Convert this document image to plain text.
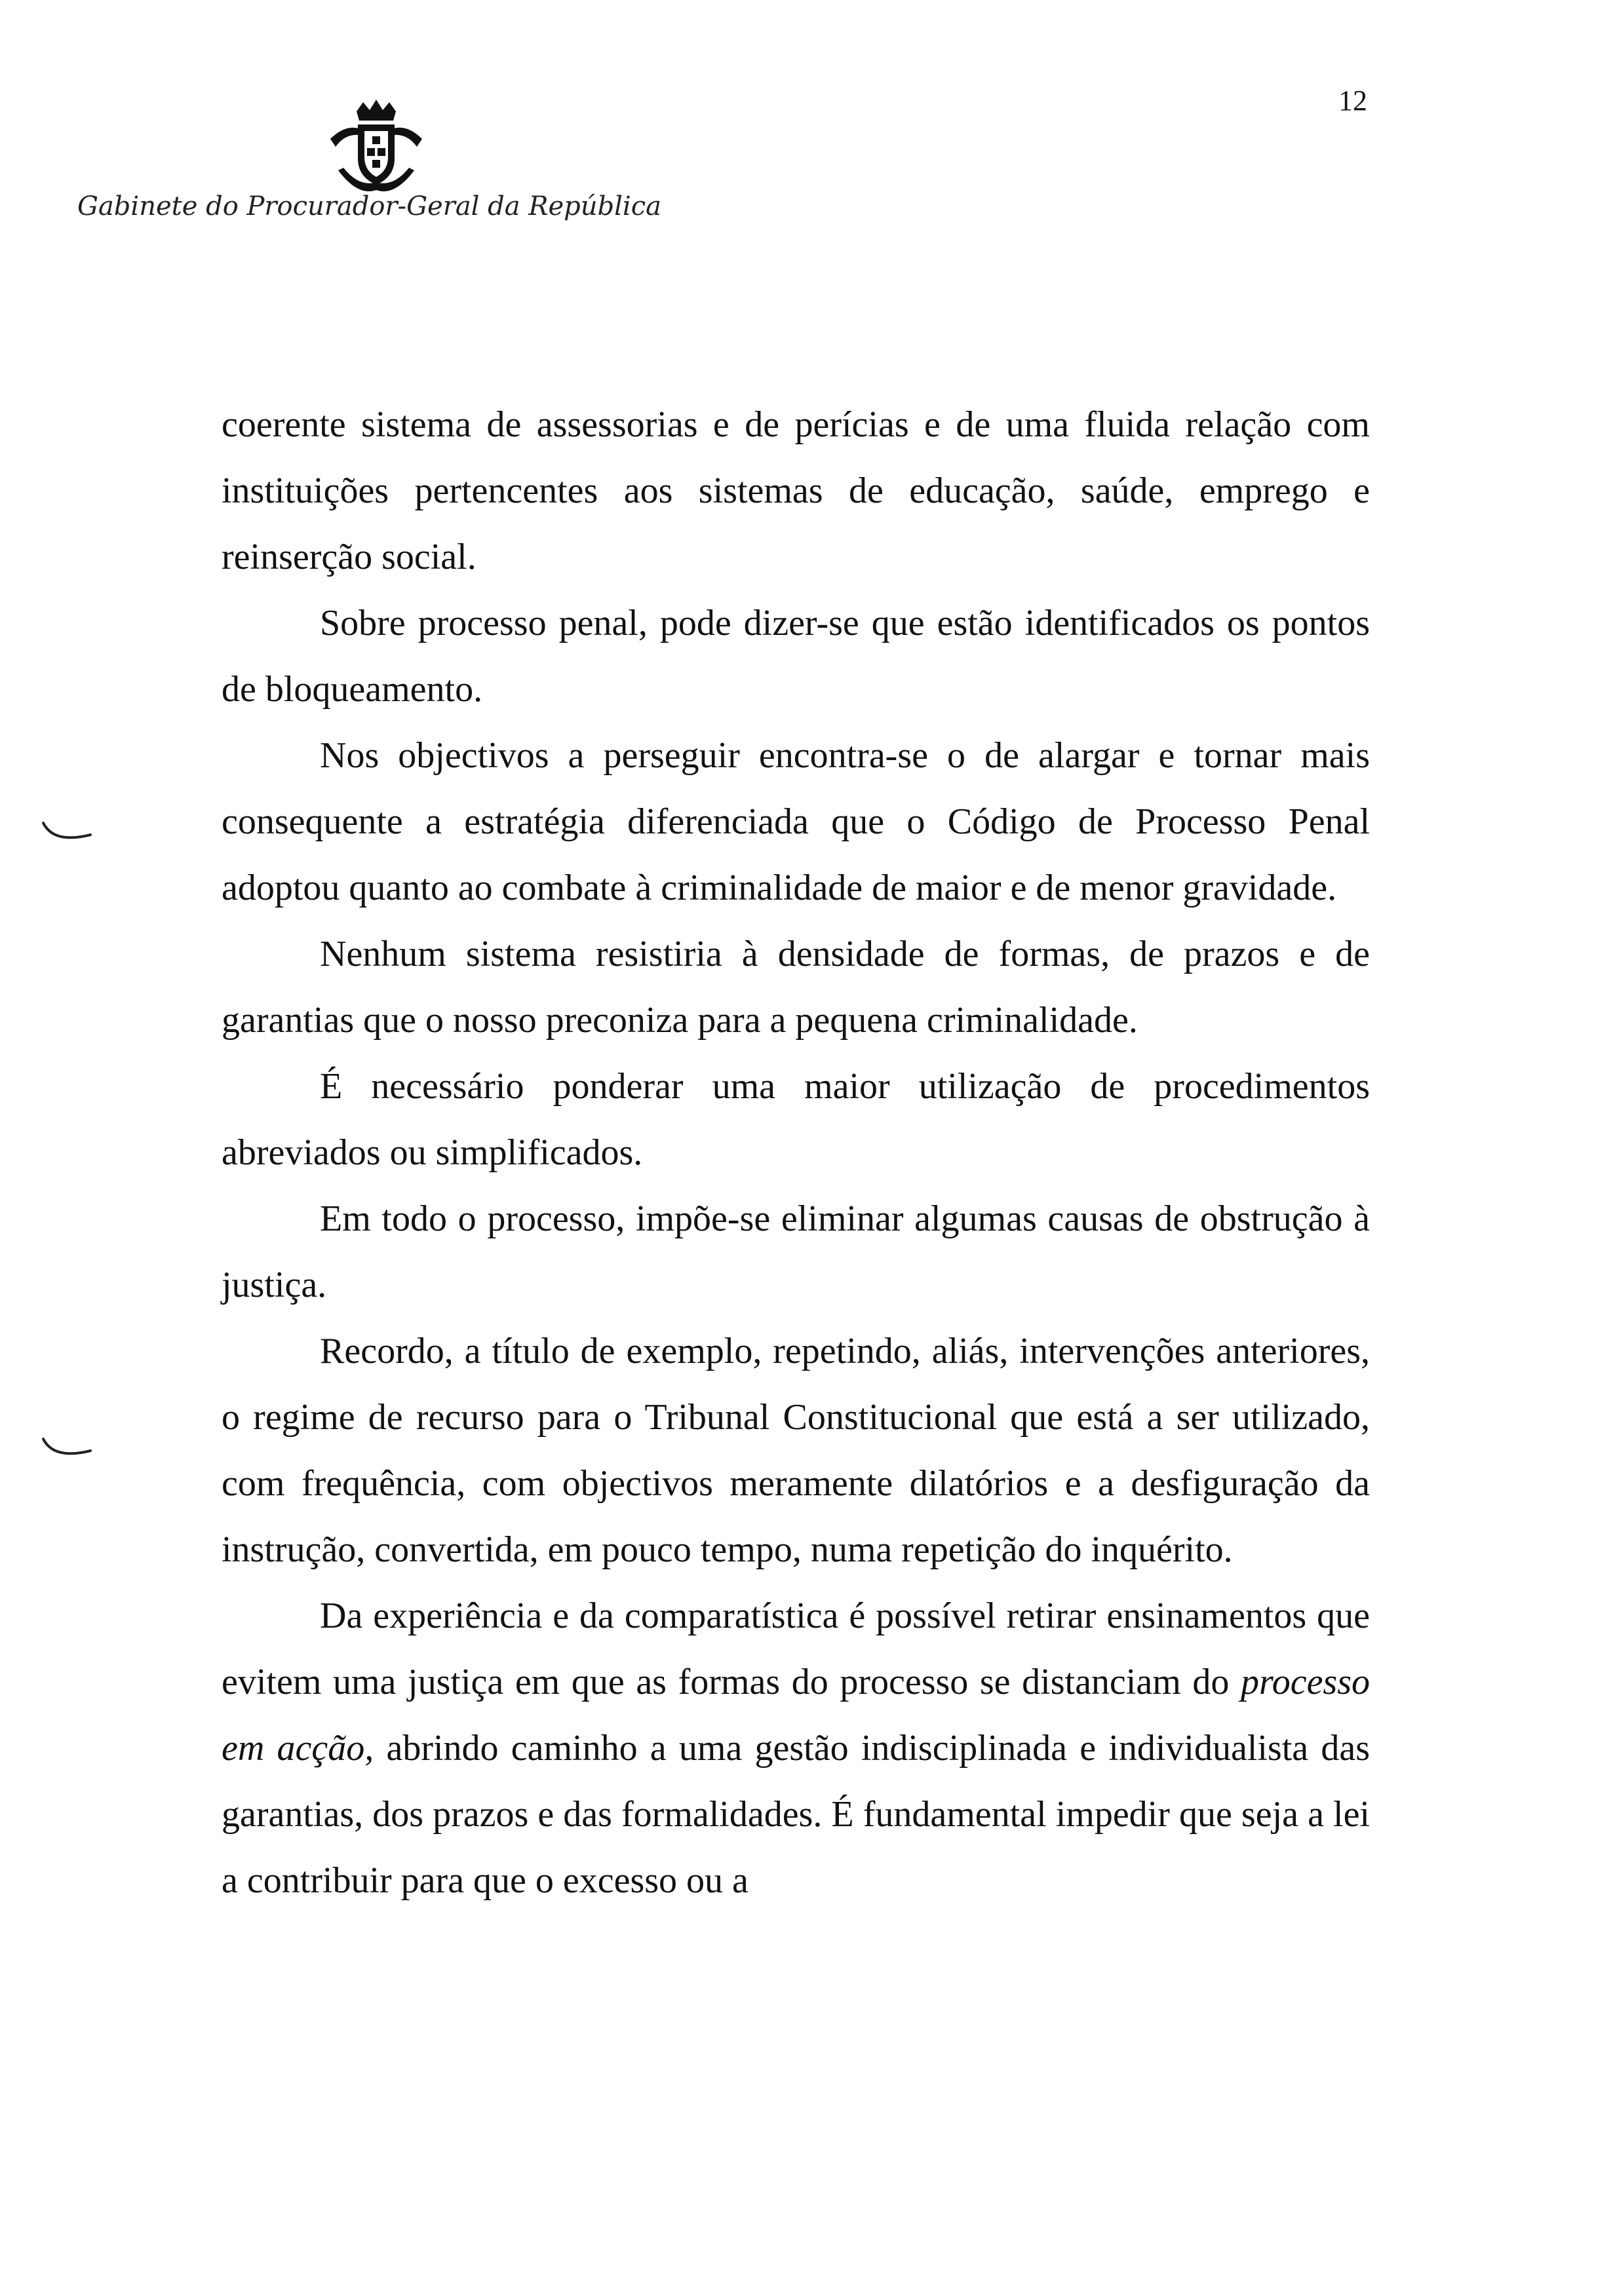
12
Gabinete do Procurador-Geral da República

coerente sistema de assessorias e de perícias e de uma fluida relação com instituições pertencentes aos sistemas de educação, saúde, emprego e reinserção social.

Sobre processo penal, pode dizer-se que estão identificados os pontos de bloqueamento.

Nos objectivos a perseguir encontra-se o de alargar e tornar mais consequente a estratégia diferenciada que o Código de Processo Penal adoptou quanto ao combate à criminalidade de maior e de menor gravidade.

Nenhum sistema resistiria à densidade de formas, de prazos e de garantias que o nosso preconiza para a pequena criminalidade.

É necessário ponderar uma maior utilização de procedimentos abreviados ou simplificados.

Em todo o processo, impõe-se eliminar algumas causas de obstrução à justiça.

Recordo, a título de exemplo, repetindo, aliás, intervenções anteriores, o regime de recurso para o Tribunal Constitucional que está a ser utilizado, com frequência, com objectivos meramente dilatórios e a desfiguração da instrução, convertida, em pouco tempo, numa repetição do inquérito.

Da experiência e da comparatística é possível retirar ensinamentos que evitem uma justiça em que as formas do processo se distanciam do processo em acção, abrindo caminho a uma gestão indisciplinada e individualista das garantias, dos prazos e das formalidades. É fundamental impedir que seja a lei a contribuir para que o excesso ou a
